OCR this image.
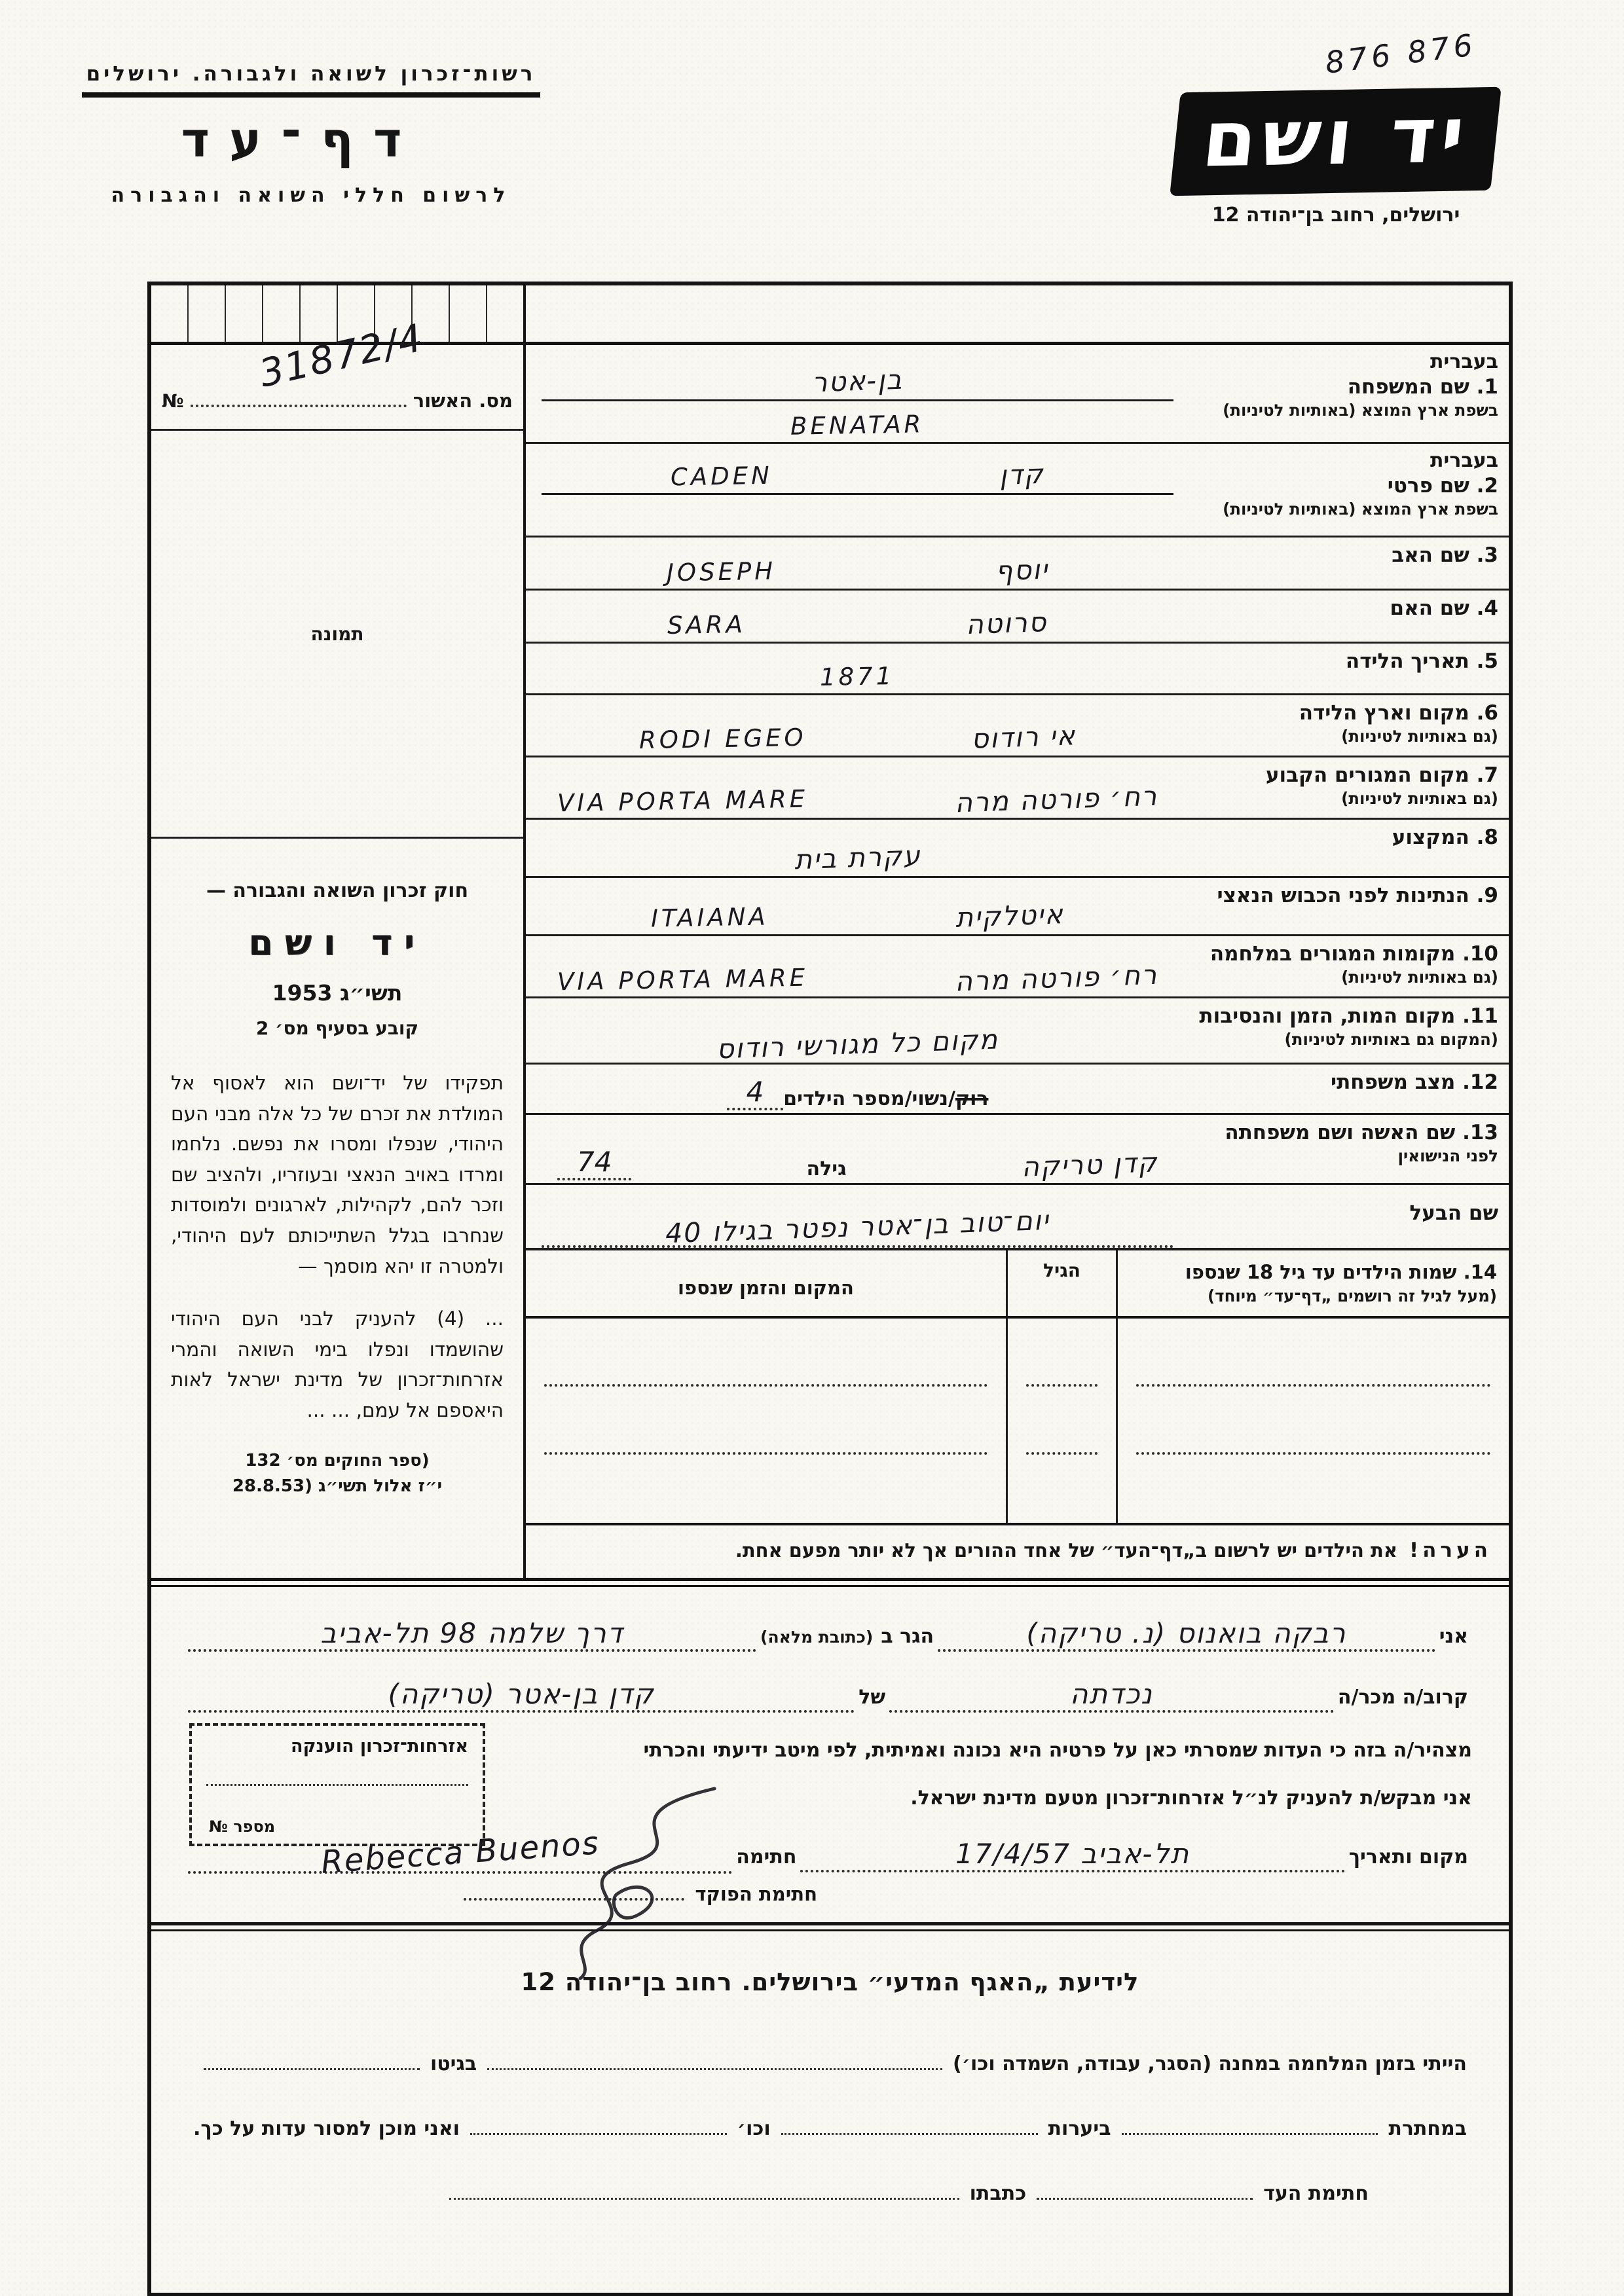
רשות־זכרון לשואה ולגבורה. ירושלים
דף־עד
לרשום חללי השואה והגבורה
876 876
יד ושם
ירושלים, רחוב בן־יהודה 12
31872/4
מס. האשור
№
תמונה
חוק זכרון השואה והגבורה —
יד ושם
תשי״ג 1953
קובע בסעיף מס׳ 2

תפקידו של יד־ושם הוא לאסוף אל המולדת את זכרם של כל אלה מבני העם היהודי, שנפלו ומסרו את נפשם. נלחמו ומרדו באויב הנאצי ובעוזריו, ולהציב שם וזכר להם, לקהילות, לארגונים ולמוסדות שנחרבו בגלל השתייכותם לעם היהודי, ולמטרה זו יהא מוסמך —

... (4) להעניק לבני העם היהודי שהושמדו ונפלו בימי השואה והמרי אזרחות־זכרון של מדינת ישראל לאות היאספם אל עמם, ... ...

(ספר החוקים מס׳ 132
י״ז אלול תשי״ג (28.8.53
בעברית
1. שם המשפחה
בשפת ארץ המוצא (באותיות לטיניות)
בן-אטר
BENATAR
בעברית
2. שם פרטי
בשפת ארץ המוצא (באותיות לטיניות)
קדן
CADEN
3. שם האב
יוסף
JOSEPH
4. שם האם
סרוטה
SARA
5. תאריך הלידה
1871
6. מקום וארץ הלידה
(גם באותיות לטיניות)
אי רודוס
RODI EGEO
7. מקום המגורים הקבוע
(גם באותיות לטיניות)
רח׳ פורטה מרה
VIA PORTA MARE
8. המקצוע
עקרת בית
9. הנתינות לפני הכבוש הנאצי
איטלקית
ITAIANA
10. מקומות המגורים במלחמה
(גם באותיות לטיניות)
רח׳ פורטה מרה
VIA PORTA MARE
11. מקום המות, הזמן והנסיבות
(המקום גם באותיות לטיניות)
מקום כל מגורשי רודוס
12. מצב משפחתי
רוק/נשוי/מספר הילדים
4
13. שם האשה ושם משפחתה
לפני הנישואין
קדן טריקה
גילה
74
שם הבעל
יום־טוב בן־אטר נפטר בגילו 40
14. שמות הילדים עד גיל 18 שנספו
(מעל לגיל זה רושמים „דף־עד״ מיוחד)
הגיל
המקום והזמן שנספו
הערה!
את הילדים יש לרשום ב„דף־העד״ של אחד ההורים אך לא יותר מפעם אחת.
אני
רבקה בואנוס (נ. טריקה)
הגר ב
(כתובת מלאה)
דרך שלמה 98 תל-אביב
קרוב/ה מכר/ה
נכדתה
של
קדן בן-אטר (טריקה)
מצהיר/ה בזה כי העדות שמסרתי כאן על פרטיה היא נכונה ואמיתית, לפי מיטב ידיעתי והכרתי
אני מבקש/ת להעניק לנ״ל אזרחות־זכרון מטעם מדינת ישראל.
מקום ותאריך
תל-אביב 17/4/57
חתימה
Rebecca Buenos
חתימת הפוקד
אזרחות־זכרון הוענקה
מספר №
לידיעת „האגף המדעי״ בירושלים. רחוב בן־יהודה 12
הייתי בזמן המלחמה במחנה (הסגר, עבודה, השמדה וכו׳)
בגיטו
במחתרת
ביערות
וכו׳
ואני מוכן למסור עדות על כך.
חתימת העד
כתבתו
